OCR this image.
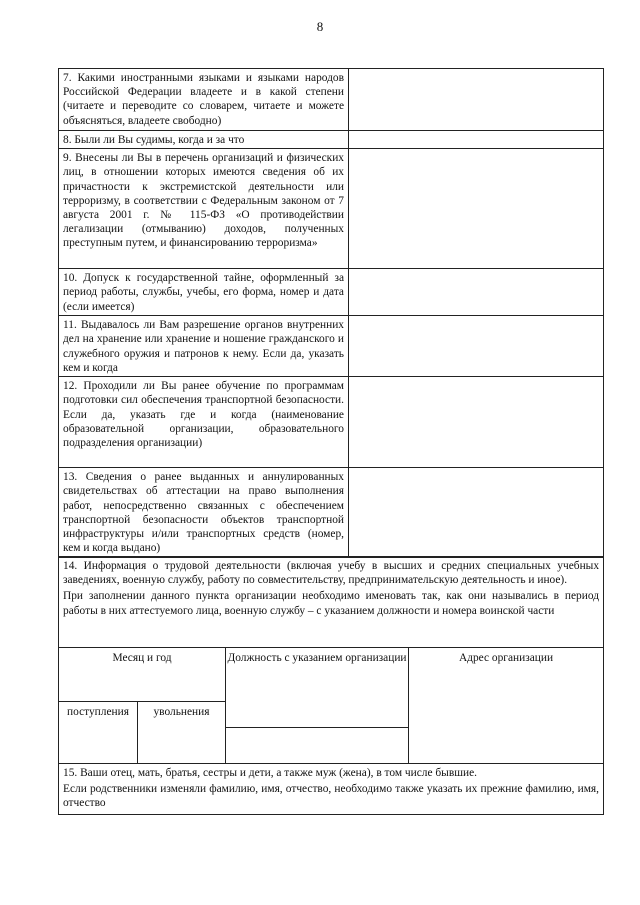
8
7. Какими иностранными языками и языками народов Российской Федерации владеете и в какой степени (читаете и переводите со словарем, читаете и можете объясняться, владеете свободно)	

8. Были ли Вы судимы, когда и за что	

9. Внесены ли Вы в перечень организаций и физических лиц, в отношении которых имеются сведения об их причастности к экстремистской деятельности или терроризму, в соответствии с Федеральным законом от 7 августа 2001 г. № 115-ФЗ «О противодействии легализации (отмыванию) доходов, полученных преступным путем, и финансированию терроризма»	

10. Допуск к государственной тайне, оформленный за период работы, службы, учебы, его форма, номер и дата (если имеется)	

11. Выдавалось ли Вам разрешение органов внутренних дел на хранение или хранение и ношение гражданского и служебного оружия и патронов к нему. Если да, указать кем и когда	

12. Проходили ли Вы ранее обучение по программам подготовки сил обеспечения транспортной безопасности. Если да, указать где и когда (наименование образовательной организации, образовательного подразделения организации)	

13. Сведения о ранее выданных и аннулированных свидетельствах об аттестации на право выполнения работ, непосредственно связанных с обеспечением транспортной безопасности объектов транспортной инфраструктуры и/или транспортных средств (номер, кем и когда выдано)	

14. Информация о трудовой деятельности (включая учебу в высших и средних специальных учебных заведениях, военную службу, работу по совместительству, предпринимательскую деятельность и иное).

При заполнении данного пункта организации необходимо именовать так, как они назывались в период работы в них аттестуемого лица, военную службу – с указанием должности и номера воинской части			

Месяц и год		Должность с указанием организации	Адрес организации
поступления	увольнения		

15. Ваши отец, мать, братья, сестры и дети, а также муж (жена), в том числе бывшие.

Если родственники изменяли фамилию, имя, отчество, необходимо также указать их прежние фамилию, имя, отчество			
